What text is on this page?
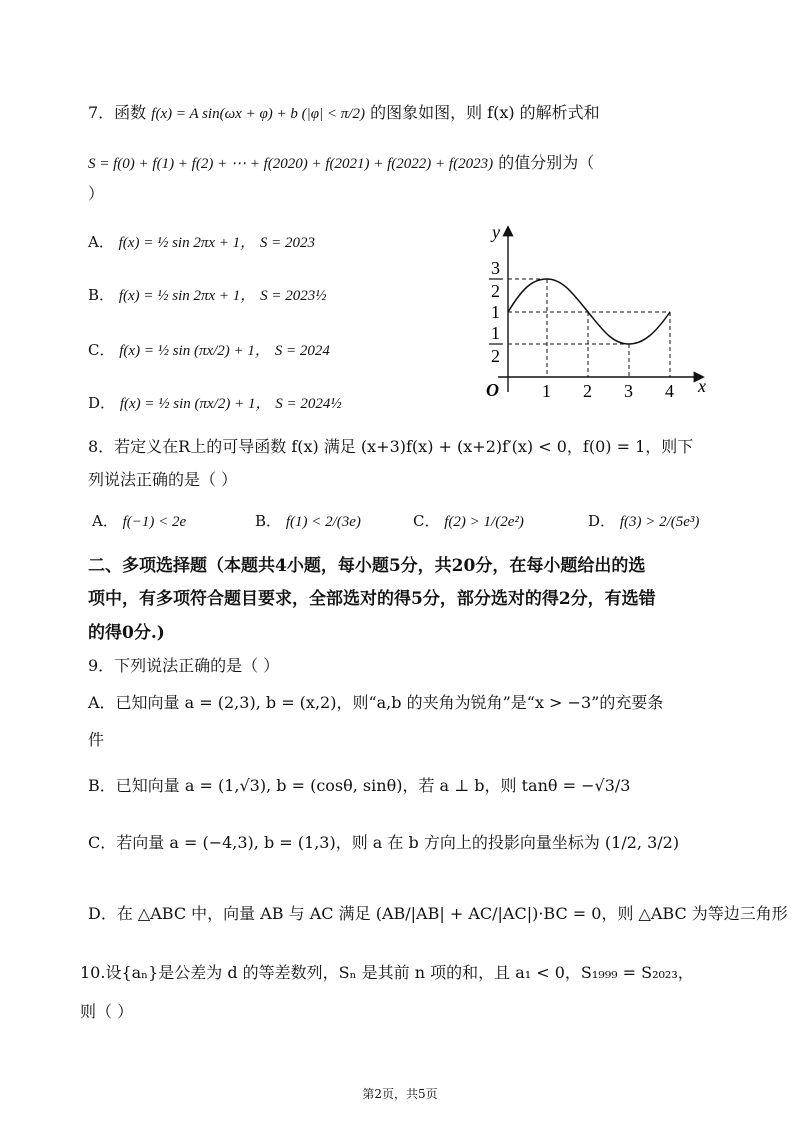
7．函数 f(x) = A sin(ωx + φ) + b (|φ| < π/2) 的图象如图，则 f(x) 的解析式和
S = f(0) + f(1) + f(2) + ⋯ + f(2020) + f(2021) + f(2022) + f(2023) 的值分别为（
）
A． f(x) = ½ sin 2πx + 1， S = 2023
B． f(x) = ½ sin 2πx + 1， S = 2023½
C． f(x) = ½ sin (πx/2) + 1， S = 2024
D． f(x) = ½ sin (πx/2) + 1， S = 2024½
y
x
O 1 2 3 4
3
2
1
1
2
8．若定义在R上的可导函数 f(x) 满足 (x+3)f(x) + (x+2)f′(x) < 0，f(0) = 1，则下
列说法正确的是（ ）
A． f(−1) < 2e	B． f(1) < 2/(3e)	C． f(2) > 1/(2e²)	D． f(3) > 2/(5e³)
二、多项选择题（本题共4小题，每小题5分，共20分，在每小题给出的选
项中，有多项符合题目要求，全部选对的得5分，部分选对的得2分，有选错
的得0分.)
9．下列说法正确的是（ ）
A．已知向量 a = (2,3), b = (x,2)，则“a,b 的夹角为锐角”是“x > −3”的充要条
件
B．已知向量 a = (1,√3), b = (cosθ, sinθ)，若 a ⊥ b，则 tanθ = −√3/3
C．若向量 a = (−4,3), b = (1,3)，则 a 在 b 方向上的投影向量坐标为 (1/2, 3/2)
D．在 △ABC 中，向量 AB 与 AC 满足 (AB/|AB| + AC/|AC|)·BC = 0，则 △ABC 为等边三角形
10.设{aₙ}是公差为 d 的等差数列，Sₙ 是其前 n 项的和，且 a₁ < 0，S₁₉₉₉ = S₂₀₂₃，
则（ ）
第2页，共5页
